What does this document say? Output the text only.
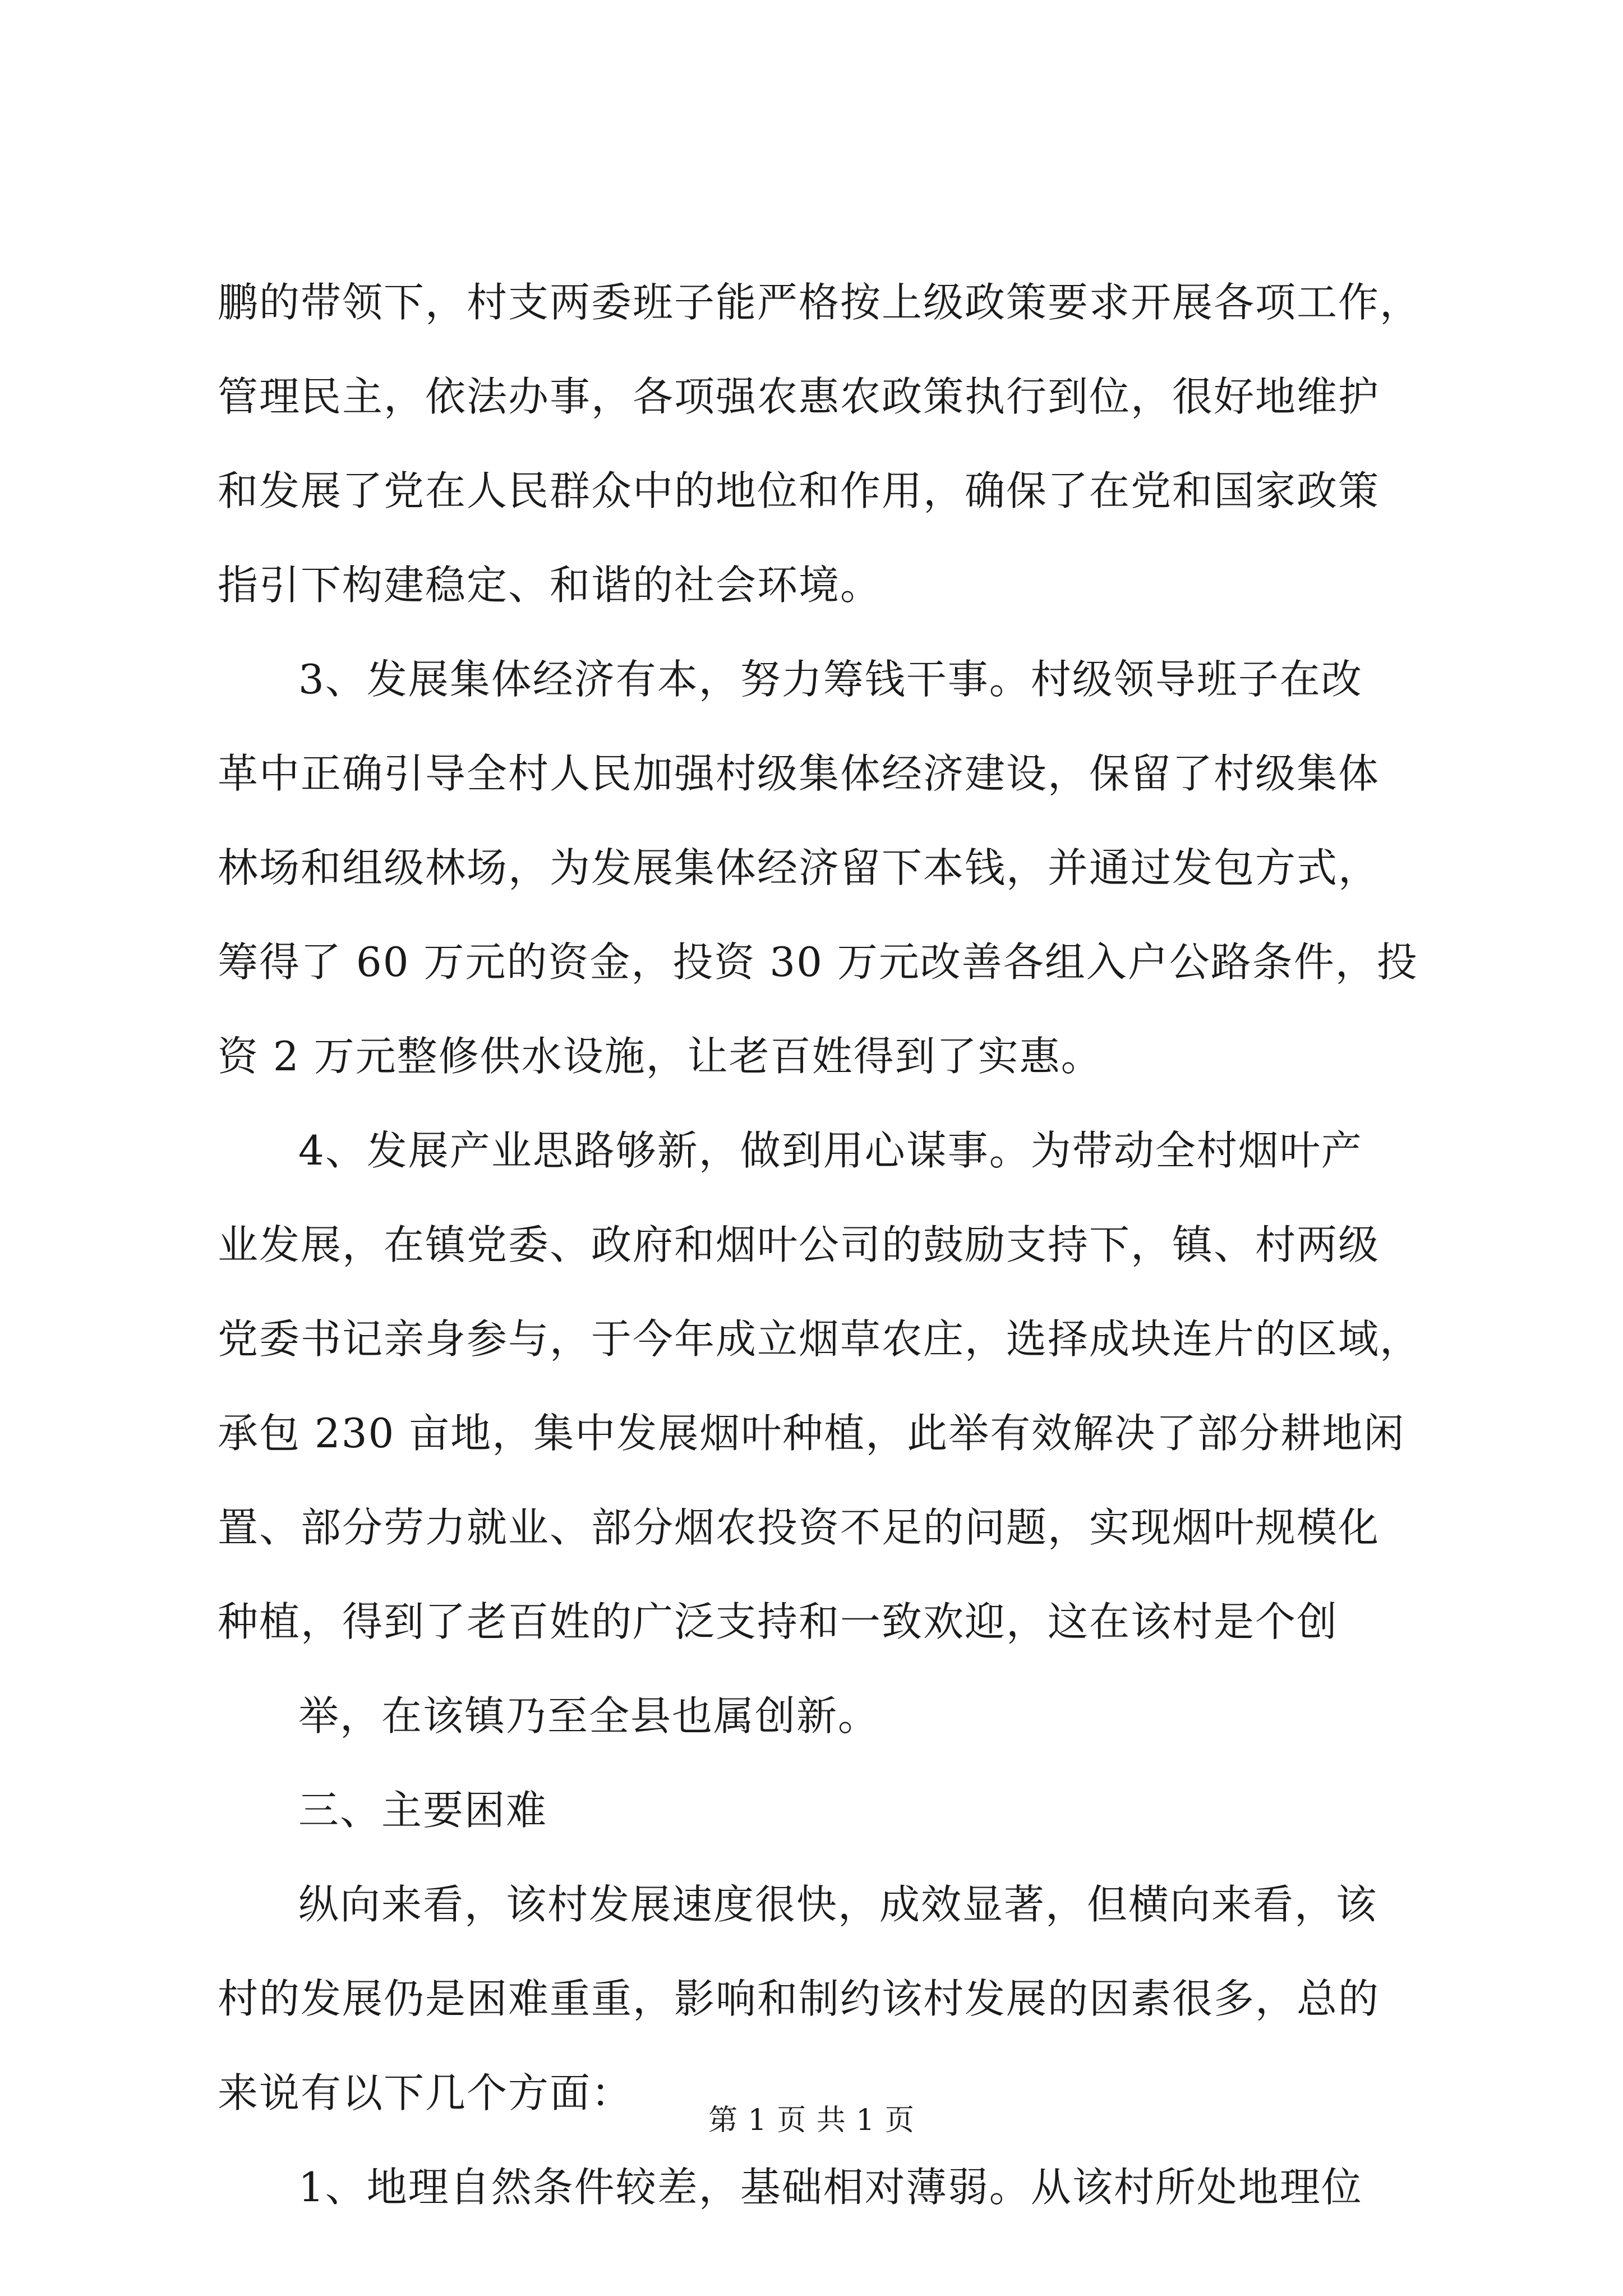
鹏的带领下，村支两委班子能严格按上级政策要求开展各项工作，
管理民主，依法办事，各项强农惠农政策执行到位，很好地维护
和发展了党在人民群众中的地位和作用，确保了在党和国家政策
指引下构建稳定、和谐的社会环境。
3、发展集体经济有本，努力筹钱干事。村级领导班子在改
革中正确引导全村人民加强村级集体经济建设，保留了村级集体
林场和组级林场，为发展集体经济留下本钱，并通过发包方式，
筹得了 60 万元的资金，投资 30 万元改善各组入户公路条件，投
资 2 万元整修供水设施，让老百姓得到了实惠。
4、发展产业思路够新，做到用心谋事。为带动全村烟叶产
业发展，在镇党委、政府和烟叶公司的鼓励支持下，镇、村两级
党委书记亲身参与，于今年成立烟草农庄，选择成块连片的区域，
承包 230 亩地，集中发展烟叶种植，此举有效解决了部分耕地闲
置、部分劳力就业、部分烟农投资不足的问题，实现烟叶规模化
种植，得到了老百姓的广泛支持和一致欢迎，这在该村是个创
举，在该镇乃至全县也属创新。
三、主要困难
纵向来看，该村发展速度很快，成效显著，但横向来看，该
村的发展仍是困难重重，影响和制约该村发展的因素很多，总的
来说有以下几个方面：
1、地理自然条件较差，基础相对薄弱。从该村所处地理位
第 1 页 共 1 页
